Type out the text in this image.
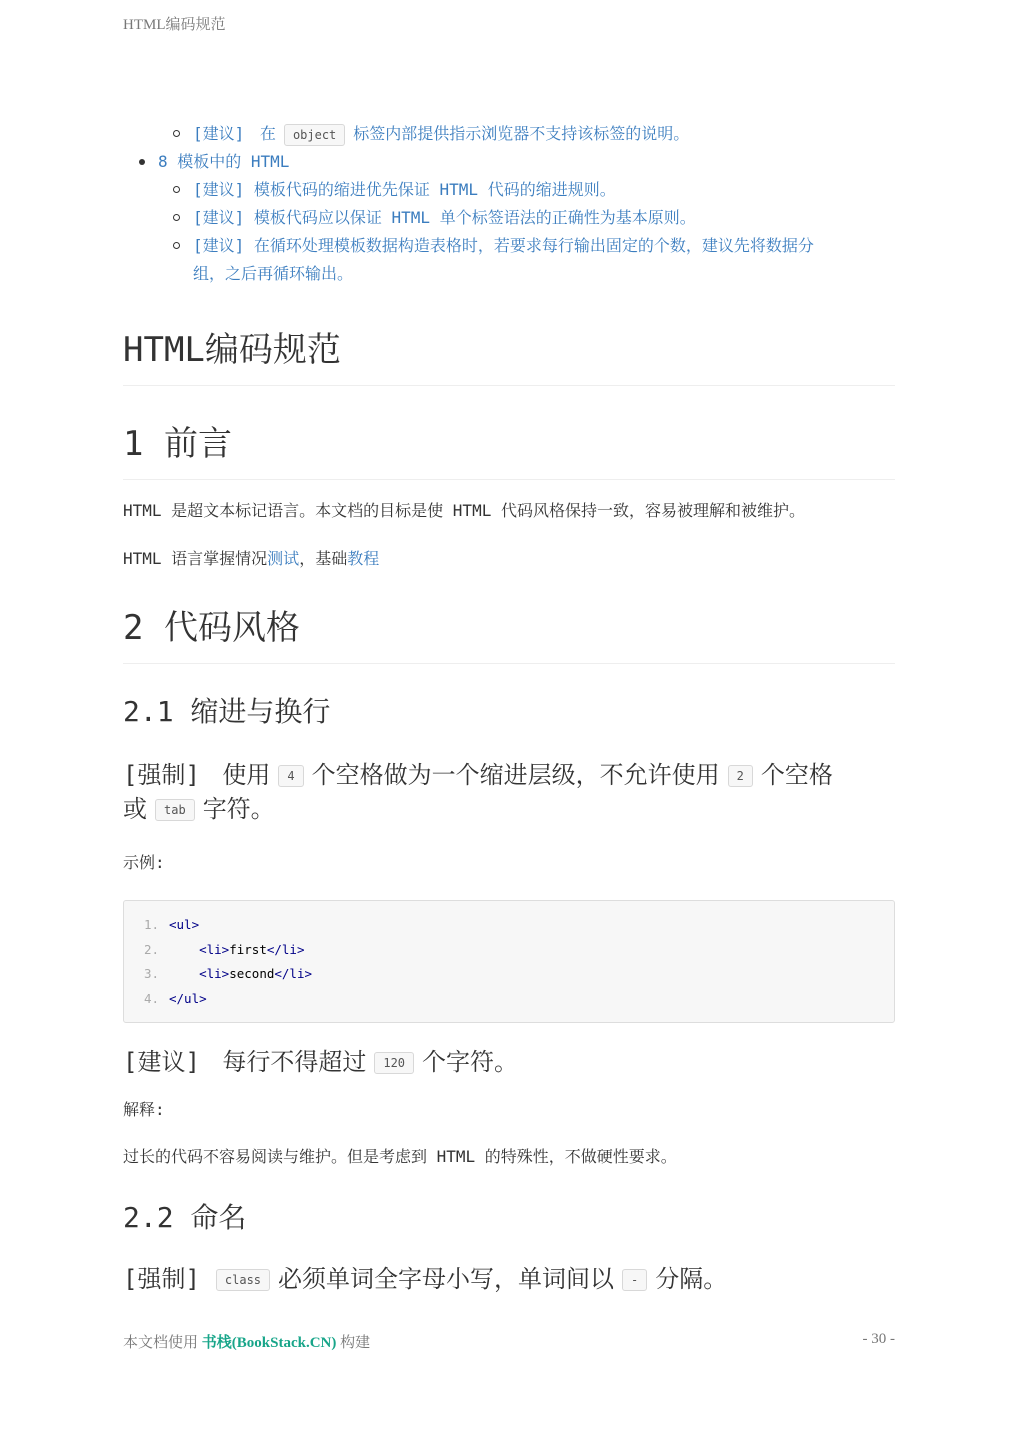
HTML编码规范
[建议] 在 object 标签内部提供指示浏览器不支持该标签的说明。
8 模板中的 HTML
[建议] 模板代码的缩进优先保证 HTML 代码的缩进规则。
[建议] 模板代码应以保证 HTML 单个标签语法的正确性为基本原则。
[建议] 在循环处理模板数据构造表格时，若要求每行输出固定的个数，建议先将数据分
组，之后再循环输出。
HTML编码规范
1 前言

HTML 是超文本标记语言。本文档的目标是使 HTML 代码风格保持一致，容易被理解和被维护。

HTML 语言掌握情况测试，基础教程

2 代码风格
2.1 缩进与换行
[强制] 使用 4 个空格做为一个缩进层级，不允许使用 2 个空格
或 tab 字符。

示例:

1. <ul>
2.	<li>first</li>
3.	<li>second</li>
4. </ul>
[建议] 每行不得超过 120 个字符。

解释:

过长的代码不容易阅读与维护。但是考虑到 HTML 的特殊性，不做硬性要求。

2.2 命名
[强制] class 必须单词全字母小写，单词间以 - 分隔。
本文档使用 书栈(BookStack.CN) 构建	- 30 -
